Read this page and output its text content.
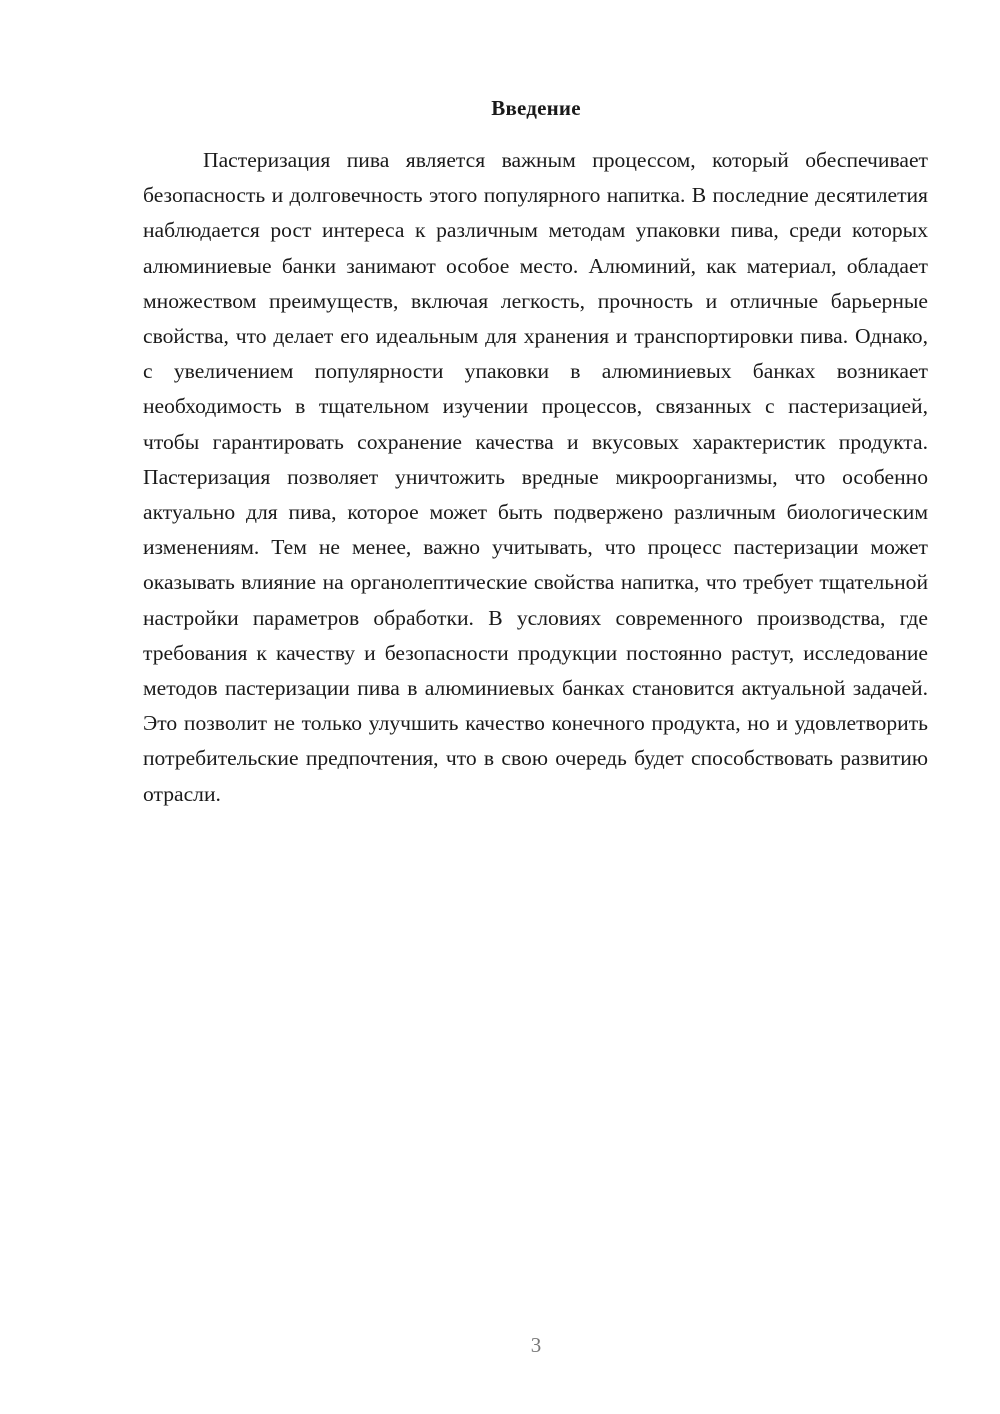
Введение

Пастеризация пива является важным процессом, который обеспечивает безопасность и долговечность этого популярного напитка. В последние десятилетия наблюдается рост интереса к различным методам упаковки пива, среди которых алюминиевые банки занимают особое место. Алюминий, как материал, обладает множеством преимуществ, включая легкость, прочность и отличные барьерные свойства, что делает его идеальным для хранения и транспортировки пива. Однако, с увеличением популярности упаковки в алюминиевых банках возникает необходимость в тщательном изучении процессов, связанных с пастеризацией, чтобы гарантировать сохранение качества и вкусовых характеристик продукта. Пастеризация позволяет уничтожить вредные микроорганизмы, что особенно актуально для пива, которое может быть подвержено различным биологическим изменениям. Тем не менее, важно учитывать, что процесс пастеризации может оказывать влияние на органолептические свойства напитка, что требует тщательной настройки параметров обработки. В условиях современного производства, где требования к качеству и безопасности продукции постоянно растут, исследование методов пастеризации пива в алюминиевых банках становится актуальной задачей. Это позволит не только улучшить качество конечного продукта, но и удовлетворить потребительские предпочтения, что в свою очередь будет способствовать развитию отрасли.

3
